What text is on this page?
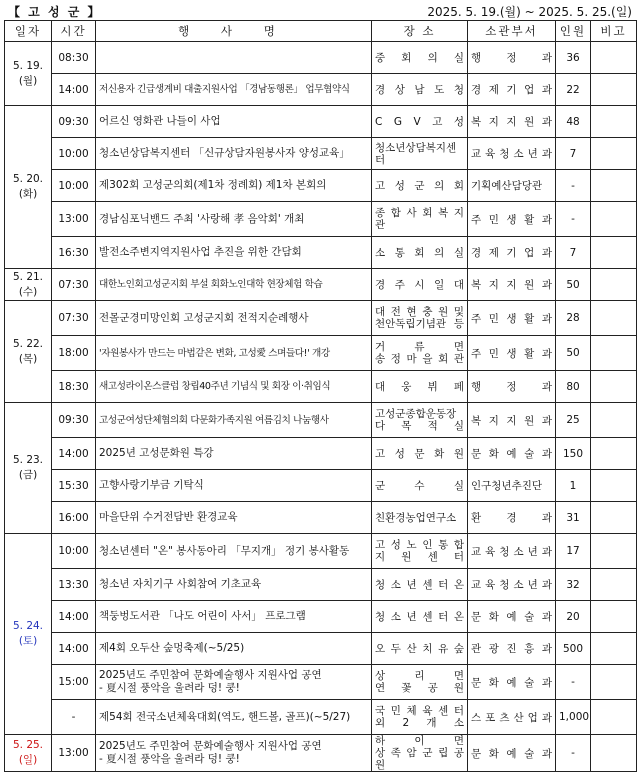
【 고 성 군 】	2025. 5. 19.(월) ~ 2025. 5. 25.(일)
일자	시간	행 사 명	장 소	소관부서	인원	비고
5. 19.
(월)	08:30		중 회 의 실	행 정 과	36	
	14:00	저신용자 긴급생계비 대출지원사업 「경남동행론」 업무협약식	경 상 남 도 청	경 제 기 업 과	22	
5. 20.
(화)	09:30	어르신 영화관 나들이 사업	C G V 고 성	복 지 지 원 과	48	
	10:00	청소년상담복지센터 「신규상담자원봉사자 양성교육」	청소년상담복지센터	교 육 청 소 년 과	7	
	10:00	제302회 고성군의회(제1차 정례회) 제1차 본회의	고 성 군 의 회	기획예산담당관	-	
	13:00	경남심포닉밴드 주최 '사랑해 孝 음악회' 개최	종 합 사 회 복 지 관	주 민 생 활 과	-	
	16:30	발전소주변지역지원사업 추진을 위한 간담회	소 통 회 의 실	경 제 기 업 과	7	
5. 21.
(수)	07:30	대한노인회고성군지회 부설 회화노인대학 현장체험 학습	경 주 시 일 대	복 지 지 원 과	50	
5. 22.
(목)	07:30	전몰군경미망인회 고성군지회 전적지순례행사	대 전 현 충 원 및
천안독립기념관 등	주 민 생 활 과	28	
	18:00	'자원봉사가 만드는 마법같은 변화, 고성愛 스며들다!' 개강	거 류 면
송 정 마 을 회 관	주 민 생 활 과	50	
	18:30	새고성라이온스클럽 창립40주년 기념식 및 회장 이·취임식	대 웅 뷔 페	행 정 과	80	
5. 23.
(금)	09:30	고성군여성단체협의회 다문화가족지원 여름김치 나눔행사	고성군종합운동장
다 목 적 실	복 지 지 원 과	25	
	14:00	2025년 고성문화원 특강	고 성 문 화 원	문 화 예 술 과	150	
	15:30	고향사랑기부금 기탁식	군 수 실	인구청년추진단	1	
	16:00	마을단위 수거전담반 환경교육	친환경농업연구소	환 경 과	31	
5. 24.
(토)	10:00	청소년센터 "온" 봉사동아리 「무지개」 정기 봉사활동	고 성 노 인 통 합
지 원 센 터	교 육 청 소 년 과	17	
	13:30	청소년 자치기구 사회참여 기초교육	청 소 년 센 터 온	교 육 청 소 년 과	32	
	14:00	책둥벙도서관 「나도 어린이 사서」 프로그램	청 소 년 센 터 온	문 화 예 술 과	20	
	14:00	제4회 오두산 숲멍축제(~5/25)	오 두 산 치 유 숲	관 광 진 흥 과	500	
	15:00	2025년도 주민참여 문화예술행사 지원사업 공연
- 夏시절 풍악을 울려라 덩! 쿵!	상 리 면
연 꽃 공 원	문 화 예 술 과	-	
	-	제54회 전국소년체육대회(역도, 핸드볼, 골프)(~5/27)	국 민 체 육 센 터
외 2 개 소	스 포 츠 산 업 과	1,000	
5. 25.
(일)	13:00	2025년도 주민참여 문화예술행사 지원사업 공연
- 夏시절 풍악을 울려라 덩! 쿵!	하 이 면
상 족 암 군 립 공 원	문 화 예 술 과	-	
